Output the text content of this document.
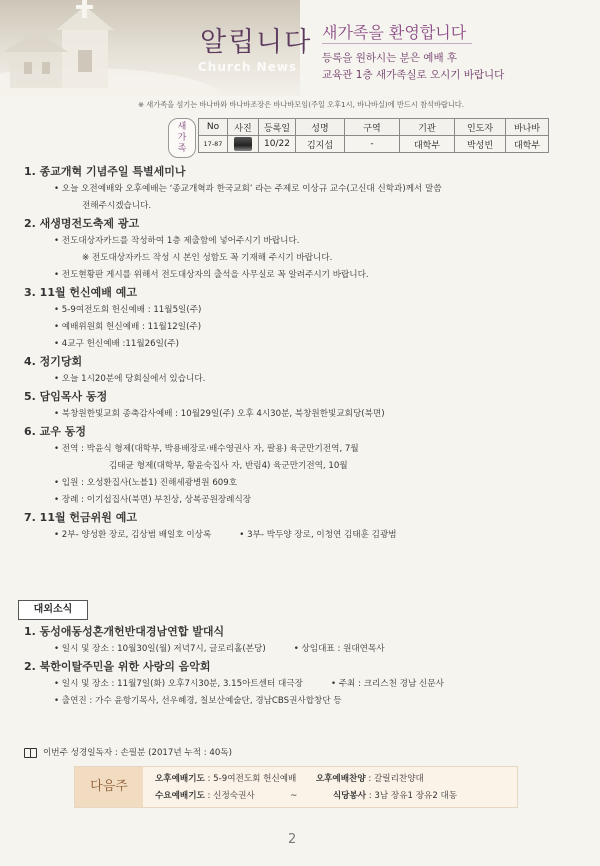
알립니다
Church News
새가족을 환영합니다
등록을 원하시는 분은 예배 후
교육관 1층 새가족실로 오시기 바랍니다
※ 새가족을 섬기는 바나바와 바나바조장은 바나바모임(주일 오후1시, 바나바실)에 반드시 참석바랍니다.
새
가
족
No	사진	등록일	성명	구역	기관	인도자	바나바
17-87		10/22	김지섭	-	대학부	박성빈	대학부
1. 종교개혁 기념주일 특별세미나
• 오늘 오전예배와 오후예배는 ‘종교개혁과 한국교회’ 라는 주제로 이상규 교수(고신대 신학과)께서 말씀
전해주시겠습니다.
2. 새생명전도축제 광고
• 전도대상자카드를 작성하여 1층 제출함에 넣어주시기 바랍니다.
※ 전도대상자카드 작성 시 본인 성함도 꼭 기재해 주시기 바랍니다.
• 전도현황판 게시를 위해서 전도대상자의 출석을 사무실로 꼭 알려주시기 바랍니다.
3. 11월 헌신예배 예고
• 5-9여전도회 헌신예배 : 11월5일(주)
• 예배위원회 헌신예배 : 11월12일(주)
• 4교구 헌신예배 :11월26일(주)
4. 정기당회
• 오늘 1시20분에 당회실에서 있습니다.
5. 담임목사 동정
• 북창원한빛교회 종축감사예배 : 10월29일(주) 오후 4시30분, 북창원한빛교회당(북면)
6. 교우 동정
• 전역 : 박윤식 형제(대학부, 박용배장로·배수영권사 자, 팔용) 육군만기전역, 7월
김태균 형제(대학부, 황윤숙집사 자, 반림4) 육군만기전역, 10월
• 입원 : 오성환집사(노블1) 진해세광병원 609호
• 장례 : 이기섭집사(북면) 부친상, 상복공원장례식장
7. 11월 헌금위원 예고
• 2부- 양성환 장로, 김상범 배일호 이상록	• 3부- 박두양 장로, 이청연 김태훈 김광범
대외소식
1. 동성애동성혼개헌반대경남연합 발대식
• 일시 및 장소 : 10월30일(월) 저녁7시, 글로리홀(본당)	• 상임대표 : 원대연목사
2. 북한이탈주민을 위한 사랑의 음악회
• 일시 및 장소 : 11월7일(화) 오후7시30분, 3.15아트센터 대극장	• 주최 : 크리스천 경남 신문사
• 출연진 : 가수 윤항기목사, 선우혜경, 칠보산예술단, 경남CBS권사합창단 등
이번주 성경일독자 : 손필분 (2017년 누적 : 40독)
다음주	오후예배기도 : 5-9여전도회 헌신예배 오후예배찬양 : 갈릴리찬양대
수요예배기도 : 신정숙권사	~	식당봉사 : 3남 장유1 장유2 대동
2
